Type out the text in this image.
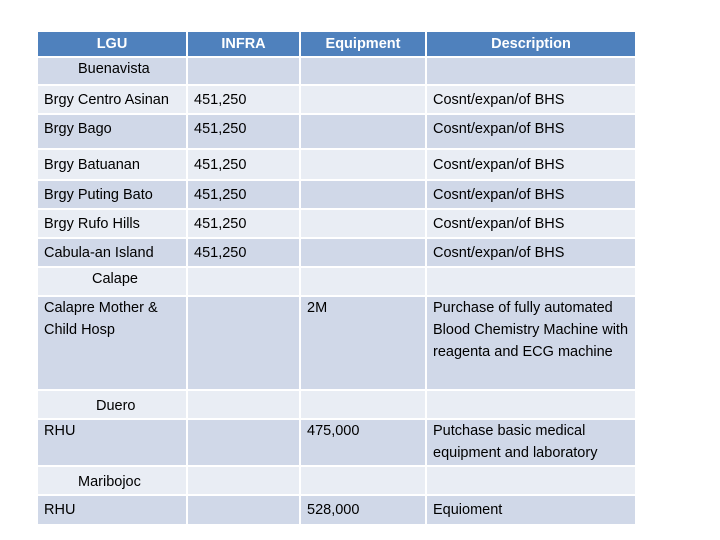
LGU	INFRA	Equipment	Description
Buenavista			
Brgy Centro Asinan	451,250		Cosnt/expan/of BHS
Brgy Bago	451,250		Cosnt/expan/of BHS
Brgy Batuanan	451,250		Cosnt/expan/of BHS
Brgy Puting Bato	451,250		Cosnt/expan/of BHS
Brgy Rufo Hills	451,250		Cosnt/expan/of BHS
Cabula-an Island	451,250		Cosnt/expan/of BHS
Calape			
Calapre Mother & Child Hosp		2M	Purchase of fully automated Blood Chemistry Machine with reagenta and ECG machine
Duero			
RHU		475,000	Putchase basic medical equipment and laboratory
Maribojoc			
RHU		528,000	Equioment
